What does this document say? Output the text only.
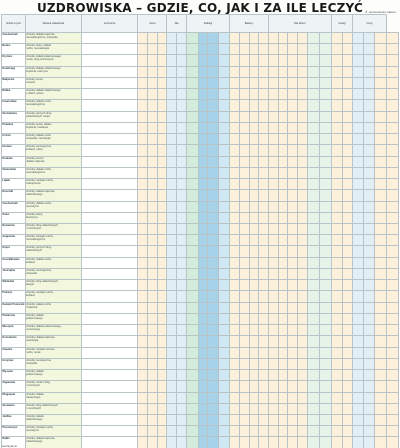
UZDROWISKA – GDZIE, CO, JAK I ZA ILE LECZYĆ Ź: opracowanie własne
Gdzie to jest	Główne wskazania	Lecznicze	Cena			Dla		Zabiegi				Baseny				Dla dzieci						Uwagi		Ceny			
Ciechocinek	choroby układu krążenia,
reumatologiczne, ortopedia																										

Busko	choroby skóry, układu
ruchu, reumatologia																										

Krynica	choroby układu pokarmowego
nerek, dróg moczowych																										

Kołobrzeg	choroby układu oddechowego
krążenia, cukrzyca																										

Nałęczów	choroby serca,
nerwice																										

Rabka	choroby układu oddechowego
u dzieci, astma																										

Inowrocław	choroby układu ruchu,
reumatologiczne																										

Szczawnica	choroby górnych dróg
oddechowych, krtani																										

Polanica	choroby serca, układu
krążenia, trawienia																										

Ustroń	choroby układu ruchu
ortopedia, neurologia																										

Iwonicz	choroby reumatyczne,
kobiece, skóry																										

Kudowa	choroby serca i
układu krążenia																										

Świeradów	choroby układu ruchu,
reumatologiczne																										

Lądek	choroby narządu ruchu,
osteoporoza																										

Duszniki	choroby układu krążenia,
oddechowego																										

Ciechocinek	choroby układu ruchu,
reumatyzm																										

Solec	choroby skóry,
łuszczyca																										

Rymanów	choroby dróg oddechowych
i moczowych																										

Augustów	choroby narządu ruchu,
reumatologiczne																										

Sopot	choroby górnych dróg
oddechowych																										

Goczałkowice	choroby układu ruchu,
kobiece																										

Jastrzębie	choroby reumatyczne,
ortopedia																										

Wieliczka	choroby dróg oddechowych,
alergie																										

Połczyn	choroby narządu ruchu,
kobiece																										

Kamień Pomorski	choroby układu ruchu
i krążenia																										

Piwniczna	choroby układu
pokarmowego																										

Muszyna	choroby układu pokarmowego,
moczowego																										

Konstancin	choroby układu krążenia,
neurologia																										

Cieplice	choroby narządu wzroku,
ruchu, nerek																										

Horyniec	choroby reumatyczne,
ortopedia																										

Wysowa	choroby układu
pokarmowego																										

Żegiestów	choroby nerek i dróg
moczowych																										

Długopole	choroby układu
trawiennego																										

Szczawno	choroby dróg oddechowych
i moczowych																										

Jedlina	choroby układu
oddechowego																										

Przerzeczyn	choroby narządu ruchu,
reumatyzm																										

Dąbki	choroby układu krążenia,
oddechowego																										

Leczą się tu
